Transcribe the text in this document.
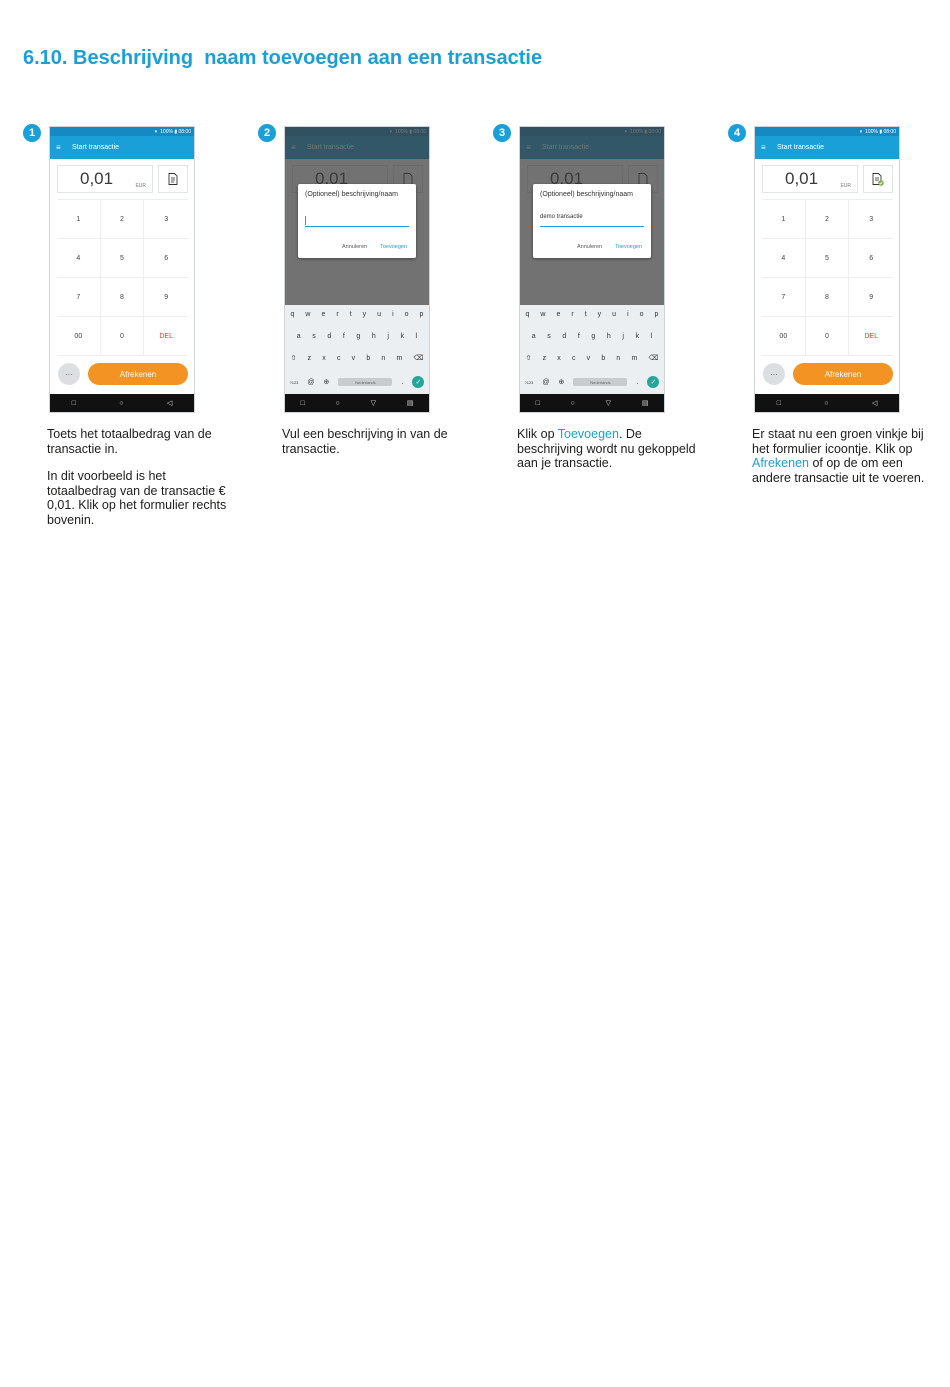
6.10. Beschrijving  naam toevoegen aan een transactie
1	▾ 100% ▮ 08:00
≡	Start transactie
0,01	EUR
1	2	3
4	5	6
7	8	9
00	0	DEL
···	Afrekenen
□	○	◁

Toets het totaalbedrag van de transactie in.

In dit voorbeeld is het totaalbedrag van de transactie € 0,01. Klik op het formulier rechts bovenin.

2
(Optioneel) beschrijving/naam
Annuleren Toevoegen
q w e r t y u i o p
a s d f g h j k l
⇧ z x c v b n m ⌫
?123 @ ⊕	Nederlands	.	✓
□	○	▽	▤

Vul een beschrijving in van de transactie.

3
(Optioneel) beschrijving/naam
demo transactie
Annuleren Toevoegen
q w e r t y u i o p
a s d f g h j k l
⇧ z x c v b n m ⌫
?123 @ ⊕	Nederlands	.	✓
□	○	▽	▤

Klik op Toevoegen. De beschrijving wordt nu gekoppeld aan je transactie.

4	▾ 100% ▮ 08:00
≡	Start transactie
0,01	EUR
1	2	3
4	5	6
7	8	9
00	0	DEL
···	Afrekenen
□	○	◁

Er staat nu een groen vinkje bij het formulier icoontje. Klik op Afrekenen of op de om een andere transactie uit te voeren.
